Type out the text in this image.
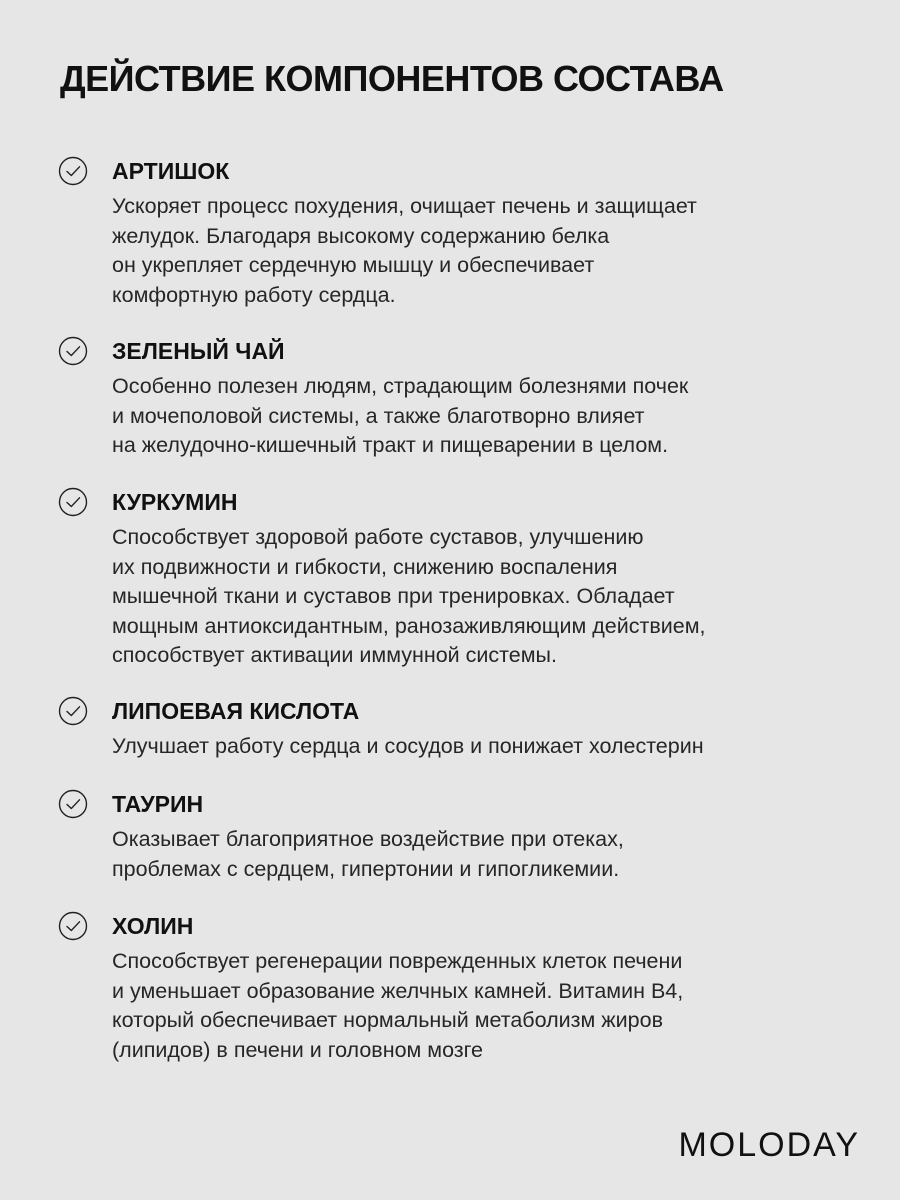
ДЕЙСТВИЕ КОМПОНЕНТОВ СОСТАВА
АРТИШОК
Ускоряет процесс похудения, очищает печень и защищает
желудок. Благодаря высокому содержанию белка
он укрепляет сердечную мышцу и обеспечивает
комфортную работу сердца.
ЗЕЛЕНЫЙ ЧАЙ
Особенно полезен людям, страдающим болезнями почек
и мочеполовой системы, а также благотворно влияет
на желудочно-кишечный тракт и пищеварении в целом.
КУРКУМИН
Способствует здоровой работе суставов, улучшению
их подвижности и гибкости, снижению воспаления
мышечной ткани и суставов при тренировках. Обладает
мощным антиоксидантным, ранозаживляющим действием,
способствует активации иммунной системы.
ЛИПОЕВАЯ КИСЛОТА
Улучшает работу сердца и сосудов и понижает холестерин
ТАУРИН
Оказывает благоприятное воздействие при отеках,
проблемах с сердцем, гипертонии и гипогликемии.
ХОЛИН
Способствует регенерации поврежденных клеток печени
и уменьшает образование желчных камней. Витамин В4,
который обеспечивает нормальный метаболизм жиров
(липидов) в печени и головном мозге
MOLODAY
